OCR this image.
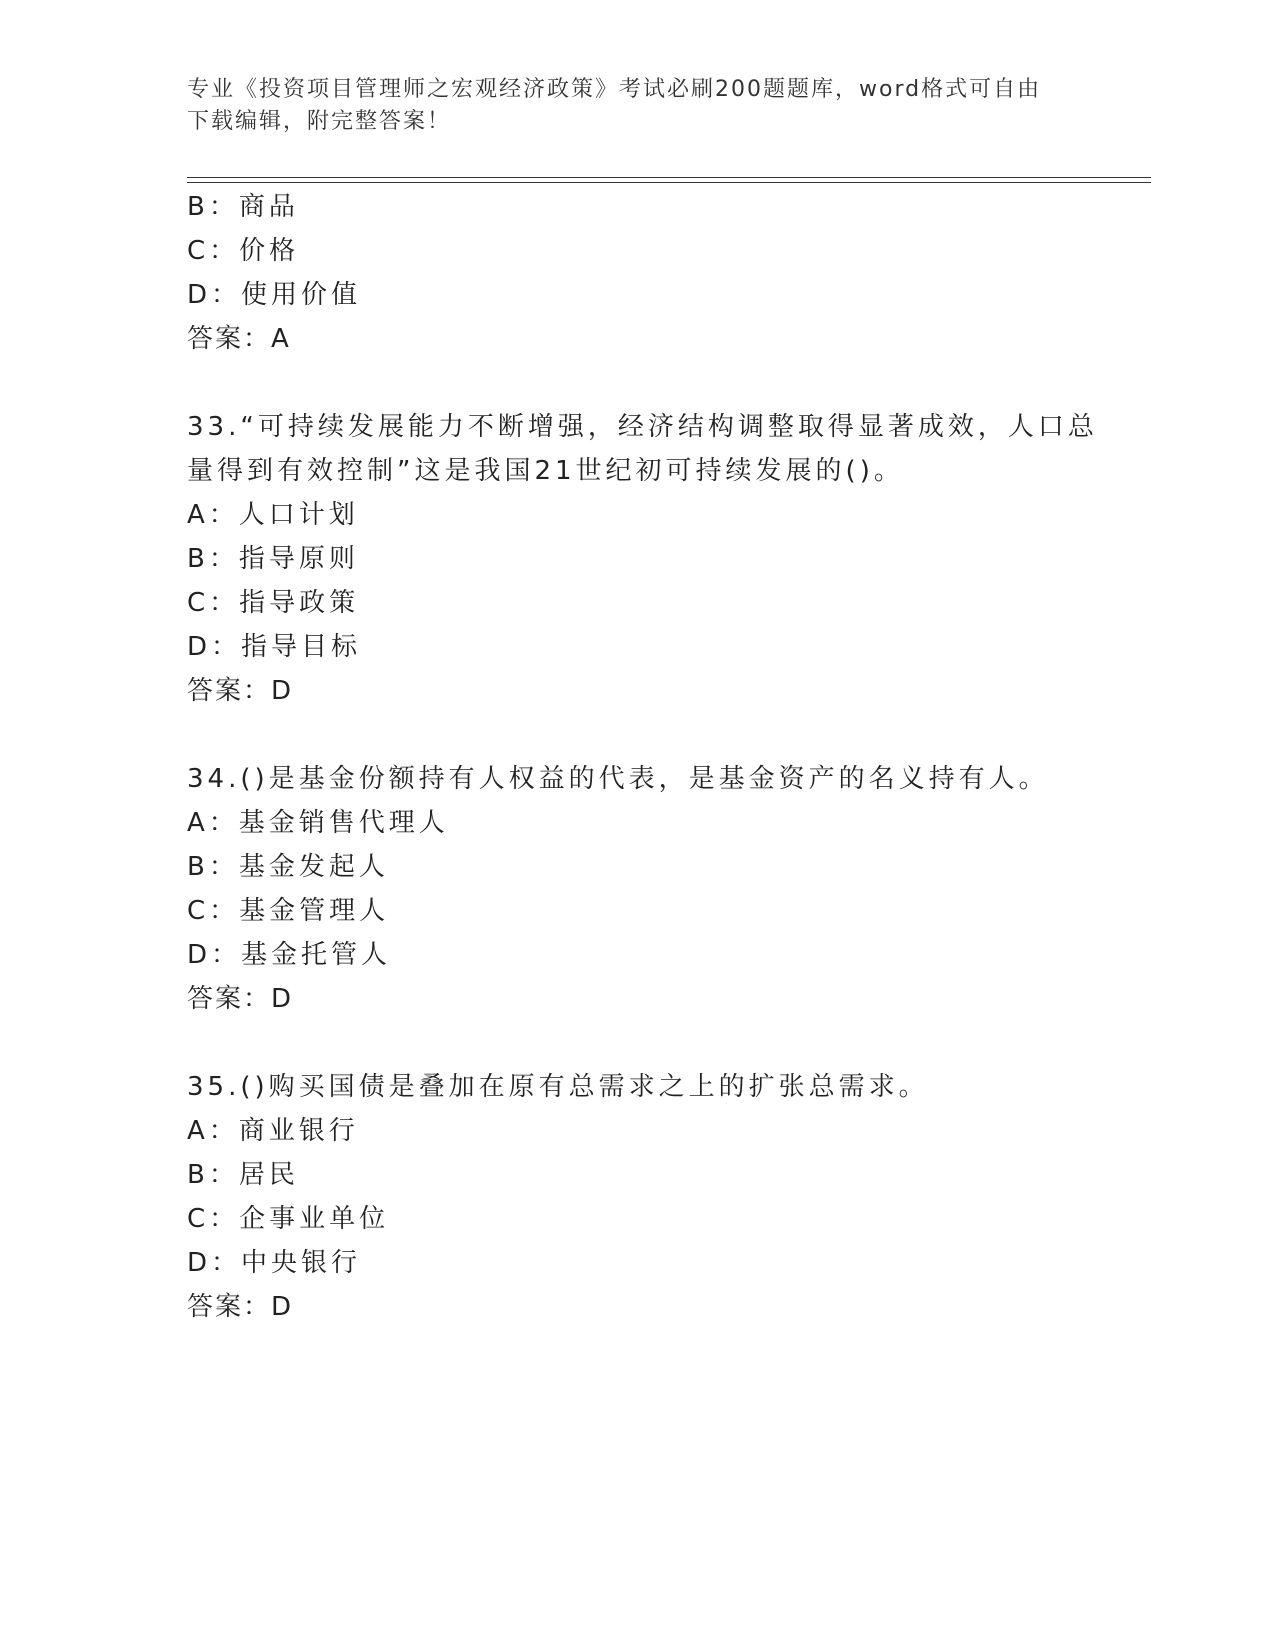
专业《投资项目管理师之宏观经济政策》考试必刷200题题库，word格式可自由
下载编辑，附完整答案！
B：商品
C：价格
D：使用价值
答案：A
33.“可持续发展能力不断增强，经济结构调整取得显著成效，人口总
量得到有效控制”这是我国21世纪初可持续发展的()。
A：人口计划
B：指导原则
C：指导政策
D：指导目标
答案：D
34.()是基金份额持有人权益的代表，是基金资产的名义持有人。
A：基金销售代理人
B：基金发起人
C：基金管理人
D：基金托管人
答案：D
35.()购买国债是叠加在原有总需求之上的扩张总需求。
A：商业银行
B：居民
C：企事业单位
D：中央银行
答案：D
